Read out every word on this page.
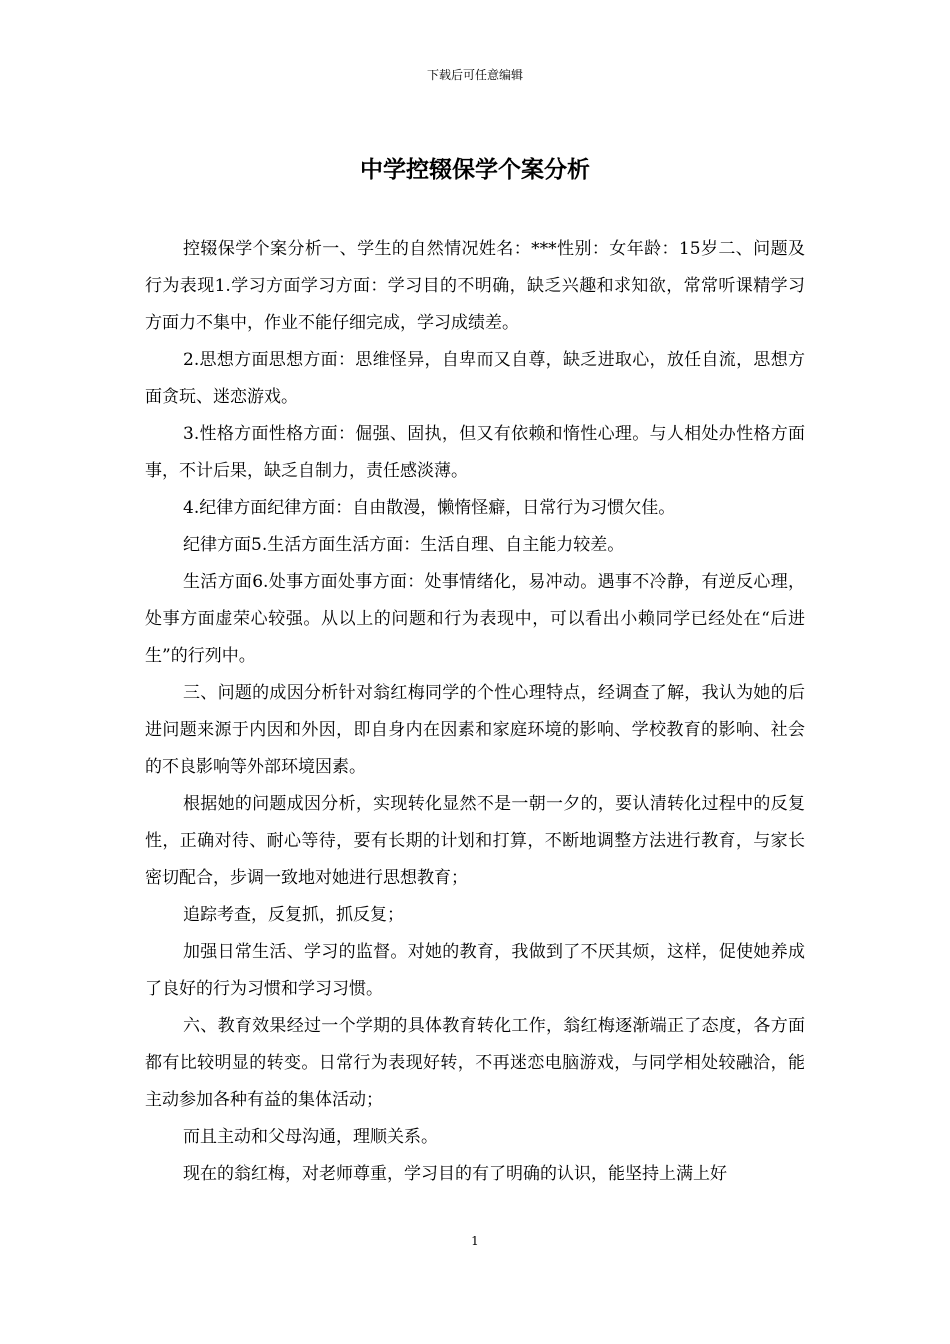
下载后可任意编辑
中学控辍保学个案分析

控辍保学个案分析一、学生的自然情况姓名：***性别：女年龄：15岁二、问题及行为表现1.学习方面学习方面：学习目的不明确，缺乏兴趣和求知欲，常常听课精学习方面力不集中，作业不能仔细完成，学习成绩差。

2.思想方面思想方面：思维怪异，自卑而又自尊，缺乏进取心，放任自流，思想方面贪玩、迷恋游戏。

3.性格方面性格方面：倔强、固执，但又有依赖和惰性心理。与人相处办性格方面事，不计后果，缺乏自制力，责任感淡薄。

4.纪律方面纪律方面：自由散漫，懒惰怪癖，日常行为习惯欠佳。

纪律方面5.生活方面生活方面：生活自理、自主能力较差。

生活方面6.处事方面处事方面：处事情绪化，易冲动。遇事不冷静，有逆反心理，处事方面虚荣心较强。从以上的问题和行为表现中，可以看出小赖同学已经处在“后进生”的行列中。

三、问题的成因分析针对翁红梅同学的个性心理特点，经调查了解，我认为她的后进问题来源于内因和外因，即自身内在因素和家庭环境的影响、学校教育的影响、社会的不良影响等外部环境因素。

根据她的问题成因分析，实现转化显然不是一朝一夕的，要认清转化过程中的反复性，正确对待、耐心等待，要有长期的计划和打算，不断地调整方法进行教育，与家长密切配合，步调一致地对她进行思想教育；

追踪考查，反复抓，抓反复；

加强日常生活、学习的监督。对她的教育，我做到了不厌其烦，这样，促使她养成了良好的行为习惯和学习习惯。

六、教育效果经过一个学期的具体教育转化工作，翁红梅逐渐端正了态度，各方面都有比较明显的转变。日常行为表现好转，不再迷恋电脑游戏，与同学相处较融洽，能主动参加各种有益的集体活动；

而且主动和父母沟通，理顺关系。

现在的翁红梅，对老师尊重，学习目的有了明确的认识，能坚持上满上好

1
